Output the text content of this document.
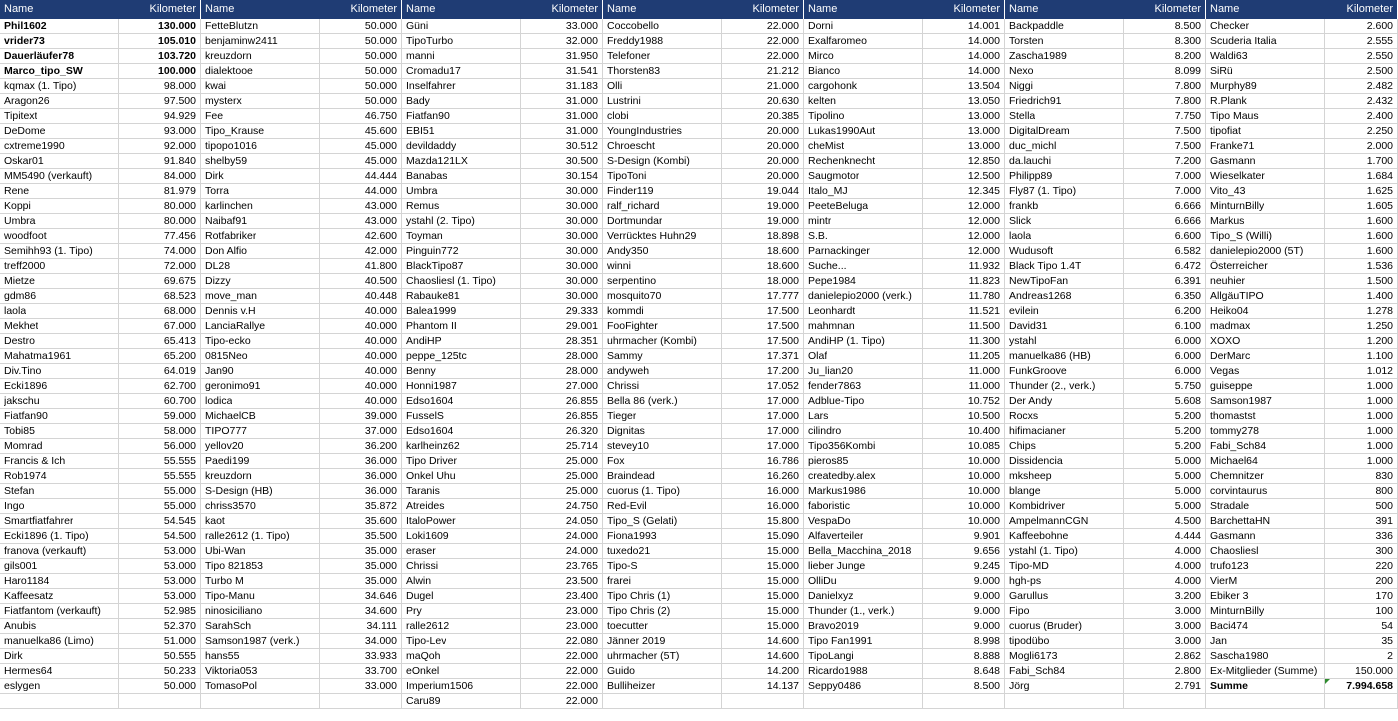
Name	Kilometer
Phil1602	130.000
vrider73	105.010
Dauerläufer78	103.720
Marco_tipo_SW	100.000
kqmax (1. Tipo)	98.000
Aragon26	97.500
Tipitext	94.929
DeDome	93.000
cxtreme1990	92.000
Oskar01	91.840
MM5490 (verkauft)	84.000
Rene	81.979
Koppi	80.000
Umbra	80.000
woodfoot	77.456
Semihh93 (1. Tipo)	74.000
treff2000	72.000
Mietze	69.675
gdm86	68.523
laola	68.000
Mekhet	67.000
Destro	65.413
Mahatma1961	65.200
Div.Tino	64.019
Ecki1896	62.700
jakschu	60.700
Fiatfan90	59.000
Tobi85	58.000
Momrad	56.000
Francis & Ich	55.555
Rob1974	55.555
Stefan	55.000
Ingo	55.000
Smartfiatfahrer	54.545
Ecki1896 (1. Tipo)	54.500
franova (verkauft)	53.000
gils001	53.000
Haro1184	53.000
Kaffeesatz	53.000
Fiatfantom (verkauft)	52.985
Anubis	52.370
manuelka86 (Limo)	51.000
Dirk	50.555
Hermes64	50.233
eslygen	50.000
Name	Kilometer
FetteBlutzn	50.000
benjaminw2411	50.000
kreuzdorn	50.000
dialektooe	50.000
kwai	50.000
mysterx	50.000
Fee	46.750
Tipo_Krause	45.600
tipopo1016	45.000
shelby59	45.000
Dirk	44.444
Torra	44.000
karlinchen	43.000
Naibaf91	43.000
Rotfabriker	42.600
Don Alfio	42.000
DL28	41.800
Dizzy	40.500
move_man	40.448
Dennis v.H	40.000
LanciaRallye	40.000
Tipo-ecko	40.000
0815Neo	40.000
Jan90	40.000
geronimo91	40.000
lodica	40.000
MichaelCB	39.000
TIPO777	37.000
yellov20	36.200
Paedi199	36.000
kreuzdorn	36.000
S-Design (HB)	36.000
chriss3570	35.872
kaot	35.600
ralle2612 (1. Tipo)	35.500
Ubi-Wan	35.000
Tipo 821853	35.000
Turbo M	35.000
Tipo-Manu	34.646
ninosiciliano	34.600
SarahSch	34.111
Samson1987 (verk.)	34.000
hans55	33.933
Viktoria053	33.700
TomasoPol	33.000
Name	Kilometer
Güni	33.000
TipoTurbo	32.000
manni	31.950
Cromadu17	31.541
Inselfahrer	31.183
Bady	31.000
Fiatfan90	31.000
EBI51	31.000
devildaddy	30.512
Mazda121LX	30.500
Banabas	30.154
Umbra	30.000
Remus	30.000
ystahl (2. Tipo)	30.000
Toyman	30.000
Pinguin772	30.000
BlackTipo87	30.000
Chaosliesl (1. Tipo)	30.000
Rabauke81	30.000
Balea1999	29.333
Phantom II	29.001
AndiHP	28.351
peppe_125tc	28.000
Benny	28.000
Honni1987	27.000
Edso1604	26.855
FusselS	26.855
Edso1604	26.320
karlheinz62	25.714
Tipo Driver	25.000
Onkel Uhu	25.000
Taranis	25.000
Atreides	24.750
ItaloPower	24.050
Loki1609	24.000
eraser	24.000
Chrissi	23.765
Alwin	23.500
Dugel	23.400
Pry	23.000
ralle2612	23.000
Tipo-Lev	22.080
maQoh	22.000
eOnkel	22.000
Imperium1506	22.000
Caru89	22.000
Name	Kilometer
Coccobello	22.000
Freddy1988	22.000
Telefoner	22.000
Thorsten83	21.212
Olli	21.000
Lustrini	20.630
clobi	20.385
YoungIndustries	20.000
Chroescht	20.000
S-Design (Kombi)	20.000
TipoToni	20.000
Finder119	19.044
ralf_richard	19.000
Dortmundar	19.000
Verrücktes Huhn29	18.898
Andy350	18.600
winni	18.600
serpentino	18.000
mosquito70	17.777
kommdi	17.500
FooFighter	17.500
uhrmacher (Kombi)	17.500
Sammy	17.371
andyweh	17.200
Chrissi	17.052
Bella 86 (verk.)	17.000
Tieger	17.000
Dignitas	17.000
stevey10	17.000
Fox	16.786
Braindead	16.260
cuorus (1. Tipo)	16.000
Red-Evil	16.000
Tipo_S (Gelati)	15.800
Fiona1993	15.090
tuxedo21	15.000
Tipo-S	15.000
frarei	15.000
Tipo Chris (1)	15.000
Tipo Chris (2)	15.000
toecutter	15.000
Jänner 2019	14.600
uhrmacher (5T)	14.600
Guido	14.200
Bulliheizer	14.137
Name	Kilometer
Dorni	14.001
Exalfaromeo	14.000
Mirco	14.000
Bianco	14.000
cargohonk	13.504
kelten	13.050
Tipolino	13.000
Lukas1990Aut	13.000
cheMist	13.000
Rechenknecht	12.850
Saugmotor	12.500
Italo_MJ	12.345
PeeteBeluga	12.000
mintr	12.000
S.B.	12.000
Parnackinger	12.000
Suche...	11.932
Pepe1984	11.823
danielepio2000 (verk.)	11.780
Leonhardt	11.521
mahmnan	11.500
AndiHP (1. Tipo)	11.300
Olaf	11.205
Ju_lian20	11.000
fender7863	11.000
Adblue-Tipo	10.752
Lars	10.500
cilindro	10.400
Tipo356Kombi	10.085
pieros85	10.000
createdby.alex	10.000
Markus1986	10.000
faboristic	10.000
VespaDo	10.000
Alfaverteiler	9.901
Bella_Macchina_2018	9.656
lieber Junge	9.245
OlliDu	9.000
Danielxyz	9.000
Thunder (1., verk.)	9.000
Bravo2019	9.000
Tipo Fan1991	8.998
TipoLangi	8.888
Ricardo1988	8.648
Seppy0486	8.500
Name	Kilometer
Backpaddle	8.500
Torsten	8.300
Zascha1989	8.200
Nexo	8.099
Niggi	7.800
Friedrich91	7.800
Stella	7.750
DigitalDream	7.500
duc_michl	7.500
da.lauchi	7.200
Philipp89	7.000
Fly87 (1. Tipo)	7.000
frankb	6.666
Slick	6.666
laola	6.600
Wudusoft	6.582
Black Tipo 1.4T	6.472
NewTipoFan	6.391
Andreas1268	6.350
evilein	6.200
David31	6.100
ystahl	6.000
manuelka86 (HB)	6.000
FunkGroove	6.000
Thunder (2., verk.)	5.750
Der Andy	5.608
Rocxs	5.200
hifimacianer	5.200
Chips	5.200
Dissidencia	5.000
mksheep	5.000
blange	5.000
Kombidriver	5.000
AmpelmannCGN	4.500
Kaffeebohne	4.444
ystahl (1. Tipo)	4.000
Tipo-MD	4.000
hgh-ps	4.000
Garullus	3.200
Fipo	3.000
cuorus (Bruder)	3.000
tipodübo	3.000
Mogli6173	2.862
Fabi_Sch84	2.800
Jörg	2.791
Name	Kilometer
Checker	2.600
Scuderia Italia	2.555
Waldi63	2.550
SiRü	2.500
Murphy89	2.482
R.Plank	2.432
Tipo Maus	2.400
tipofiat	2.250
Franke71	2.000
Gasmann	1.700
Wieselkater	1.684
Vito_43	1.625
MinturnBilly	1.605
Markus	1.600
Tipo_S (Willi)	1.600
danielepio2000 (5T)	1.600
Österreicher	1.536
neuhier	1.500
AllgäuTIPO	1.400
Heiko04	1.278
madmax	1.250
XOXO	1.200
DerMarc	1.100
Vegas	1.012
guiseppe	1.000
Samson1987	1.000
thomastst	1.000
tommy278	1.000
Fabi_Sch84	1.000
Michael64	1.000
Chemnitzer	830
corvintaurus	800
Stradale	500
BarchettaHN	391
Gasmann	336
Chaosliesl	300
trufo123	220
VierM	200
Ebiker 3	170
MinturnBilly	100
Baci474	54
Jan	35
Sascha1980	2
Ex-Mitglieder (Summe)	150.000
Summe	7.994.658
